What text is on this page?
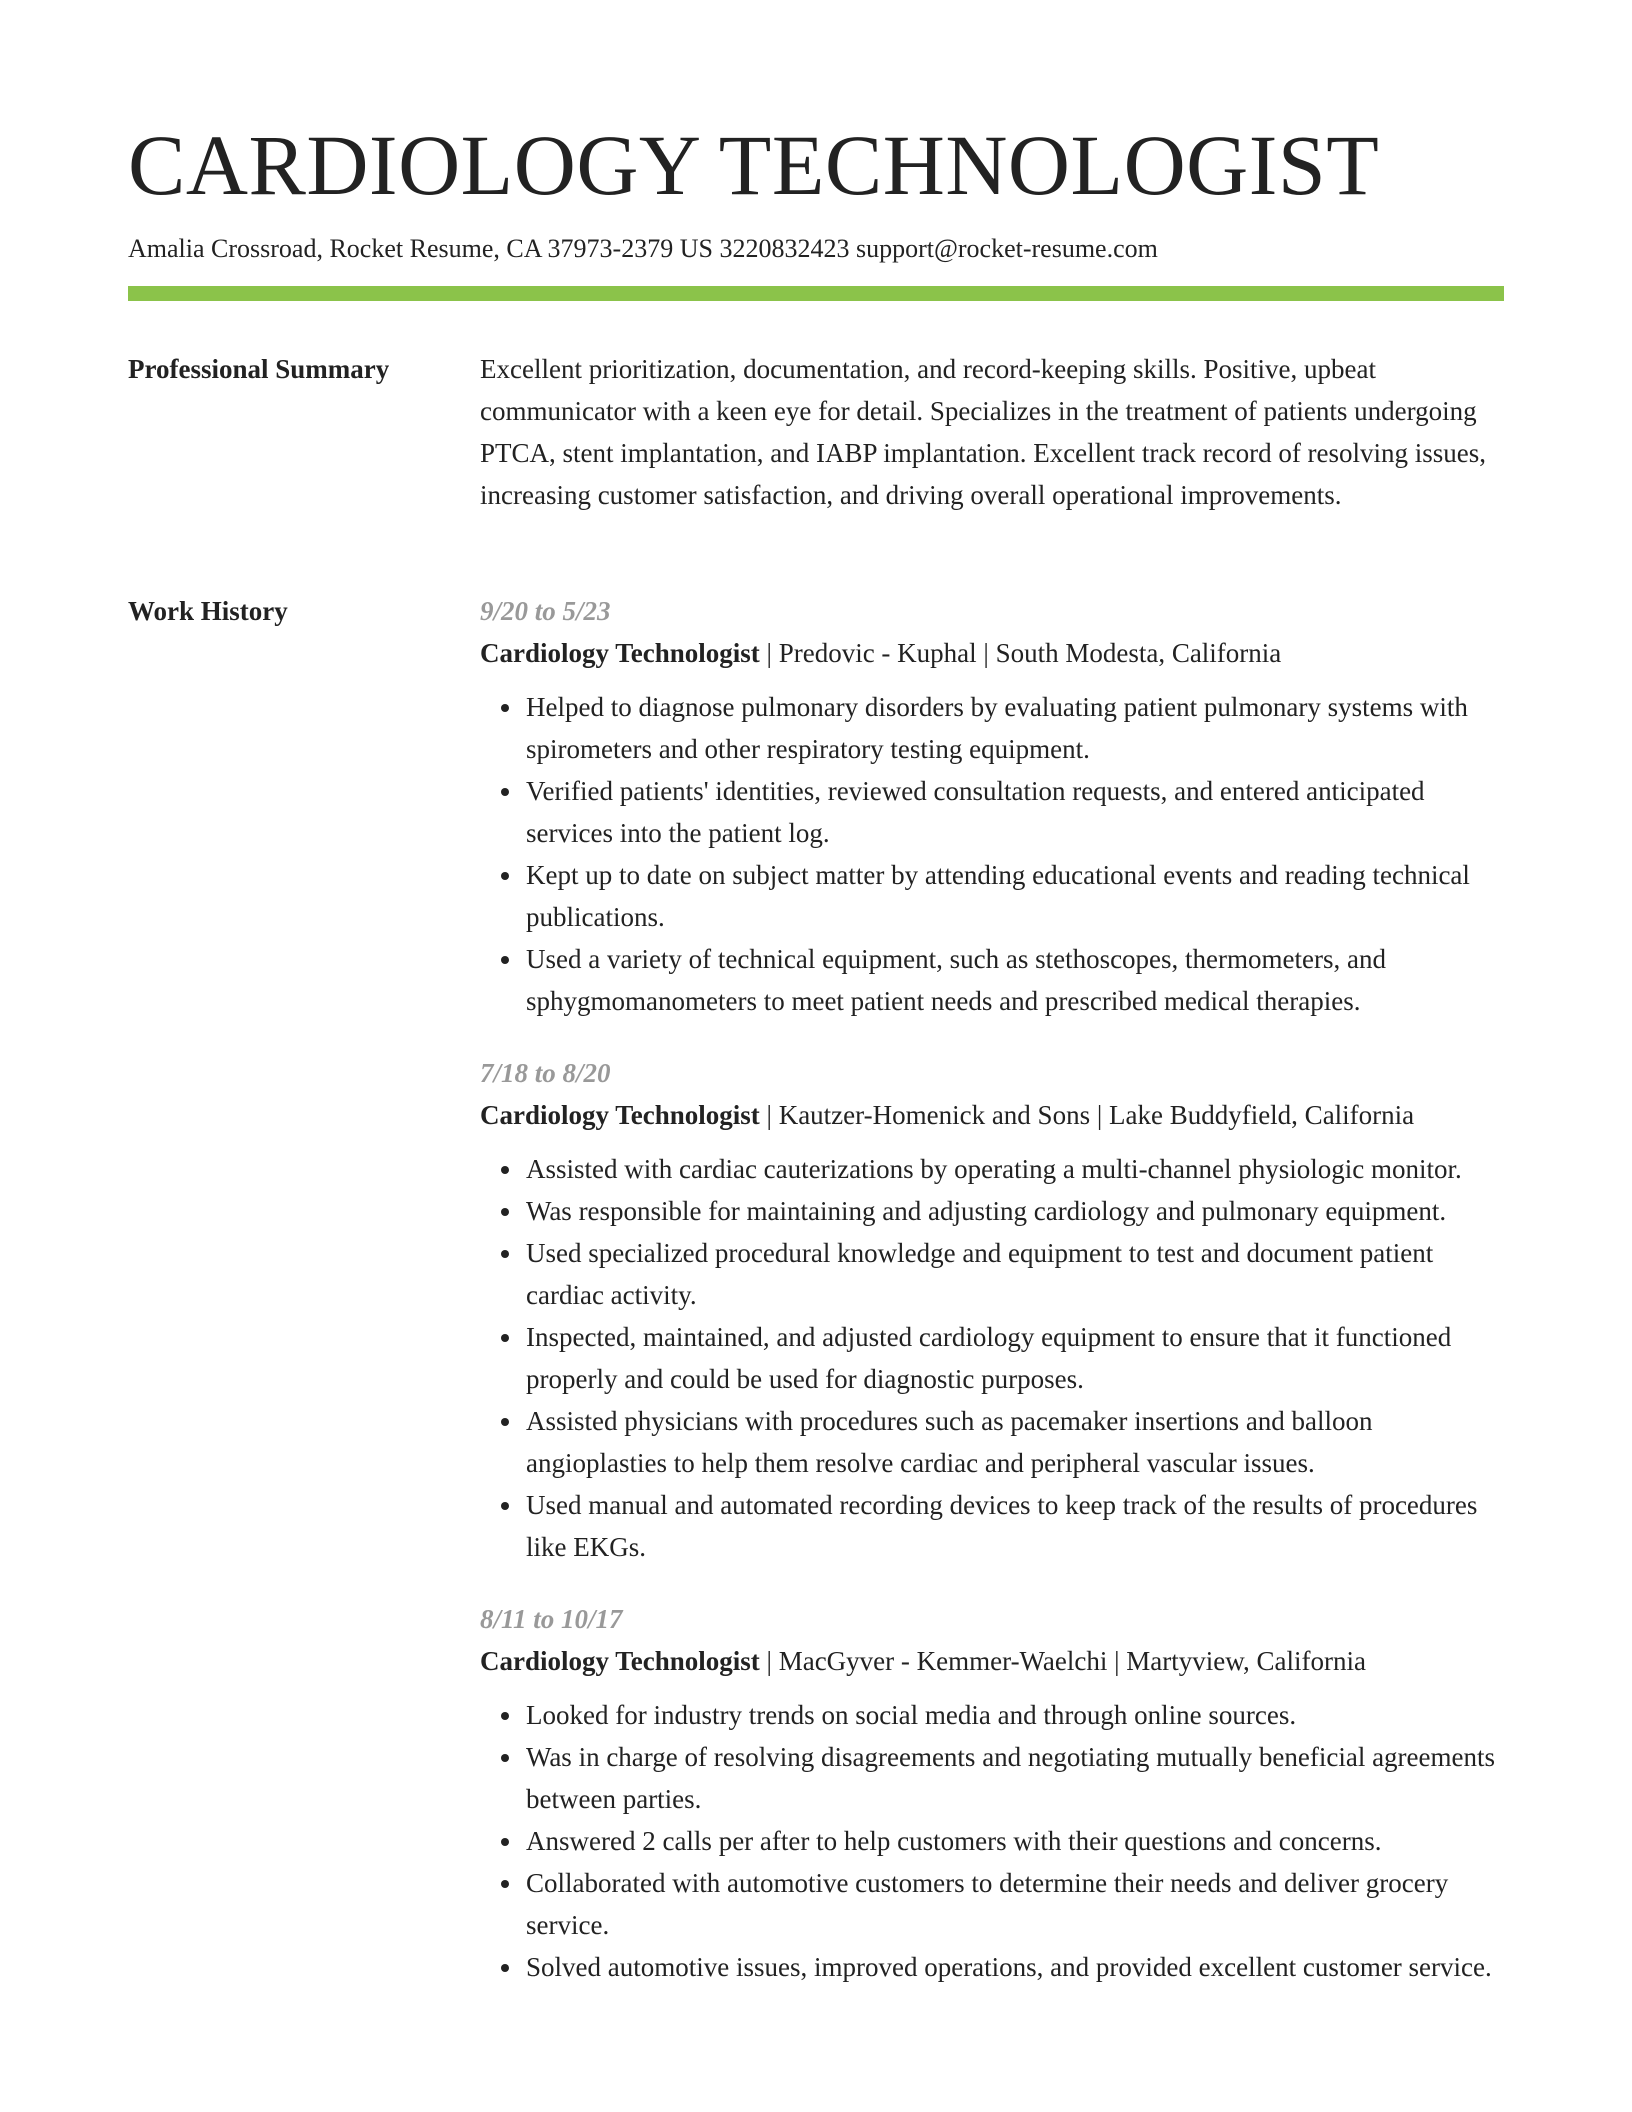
CARDIOLOGY TECHNOLOGIST
Amalia Crossroad, Rocket Resume, CA 37973-2379 US 3220832423 support@rocket-resume.com
Professional Summary	Excellent prioritization, documentation, and record-keeping skills. Positive, upbeat communicator with a keen eye for detail. Specializes in the treatment of patients undergoing PTCA, stent implantation, and IABP implantation. Excellent track record of resolving issues, increasing customer satisfaction, and driving overall operational improvements.

Work History	9/20 to 5/23
Cardiology Technologist | Predovic - Kuphal | South Modesta, California
• Helped to diagnose pulmonary disorders by evaluating patient pulmonary systems with spirometers and other respiratory testing equipment.
• Verified patients' identities, reviewed consultation requests, and entered anticipated services into the patient log.
• Kept up to date on subject matter by attending educational events and reading technical publications.
• Used a variety of technical equipment, such as stethoscopes, thermometers, and sphygmomanometers to meet patient needs and prescribed medical therapies.
7/18 to 8/20
Cardiology Technologist | Kautzer-Homenick and Sons | Lake Buddyfield, California
• Assisted with cardiac cauterizations by operating a multi-channel physiologic monitor.
• Was responsible for maintaining and adjusting cardiology and pulmonary equipment.
• Used specialized procedural knowledge and equipment to test and document patient cardiac activity.
• Inspected, maintained, and adjusted cardiology equipment to ensure that it functioned properly and could be used for diagnostic purposes.
• Assisted physicians with procedures such as pacemaker insertions and balloon angioplasties to help them resolve cardiac and peripheral vascular issues.
• Used manual and automated recording devices to keep track of the results of procedures like EKGs.
8/11 to 10/17
Cardiology Technologist | MacGyver - Kemmer-Waelchi | Martyview, California
• Looked for industry trends on social media and through online sources.
• Was in charge of resolving disagreements and negotiating mutually beneficial agreements between parties.
• Answered 2 calls per after to help customers with their questions and concerns.
• Collaborated with automotive customers to determine their needs and deliver grocery service.
• Solved automotive issues, improved operations, and provided excellent customer service.
